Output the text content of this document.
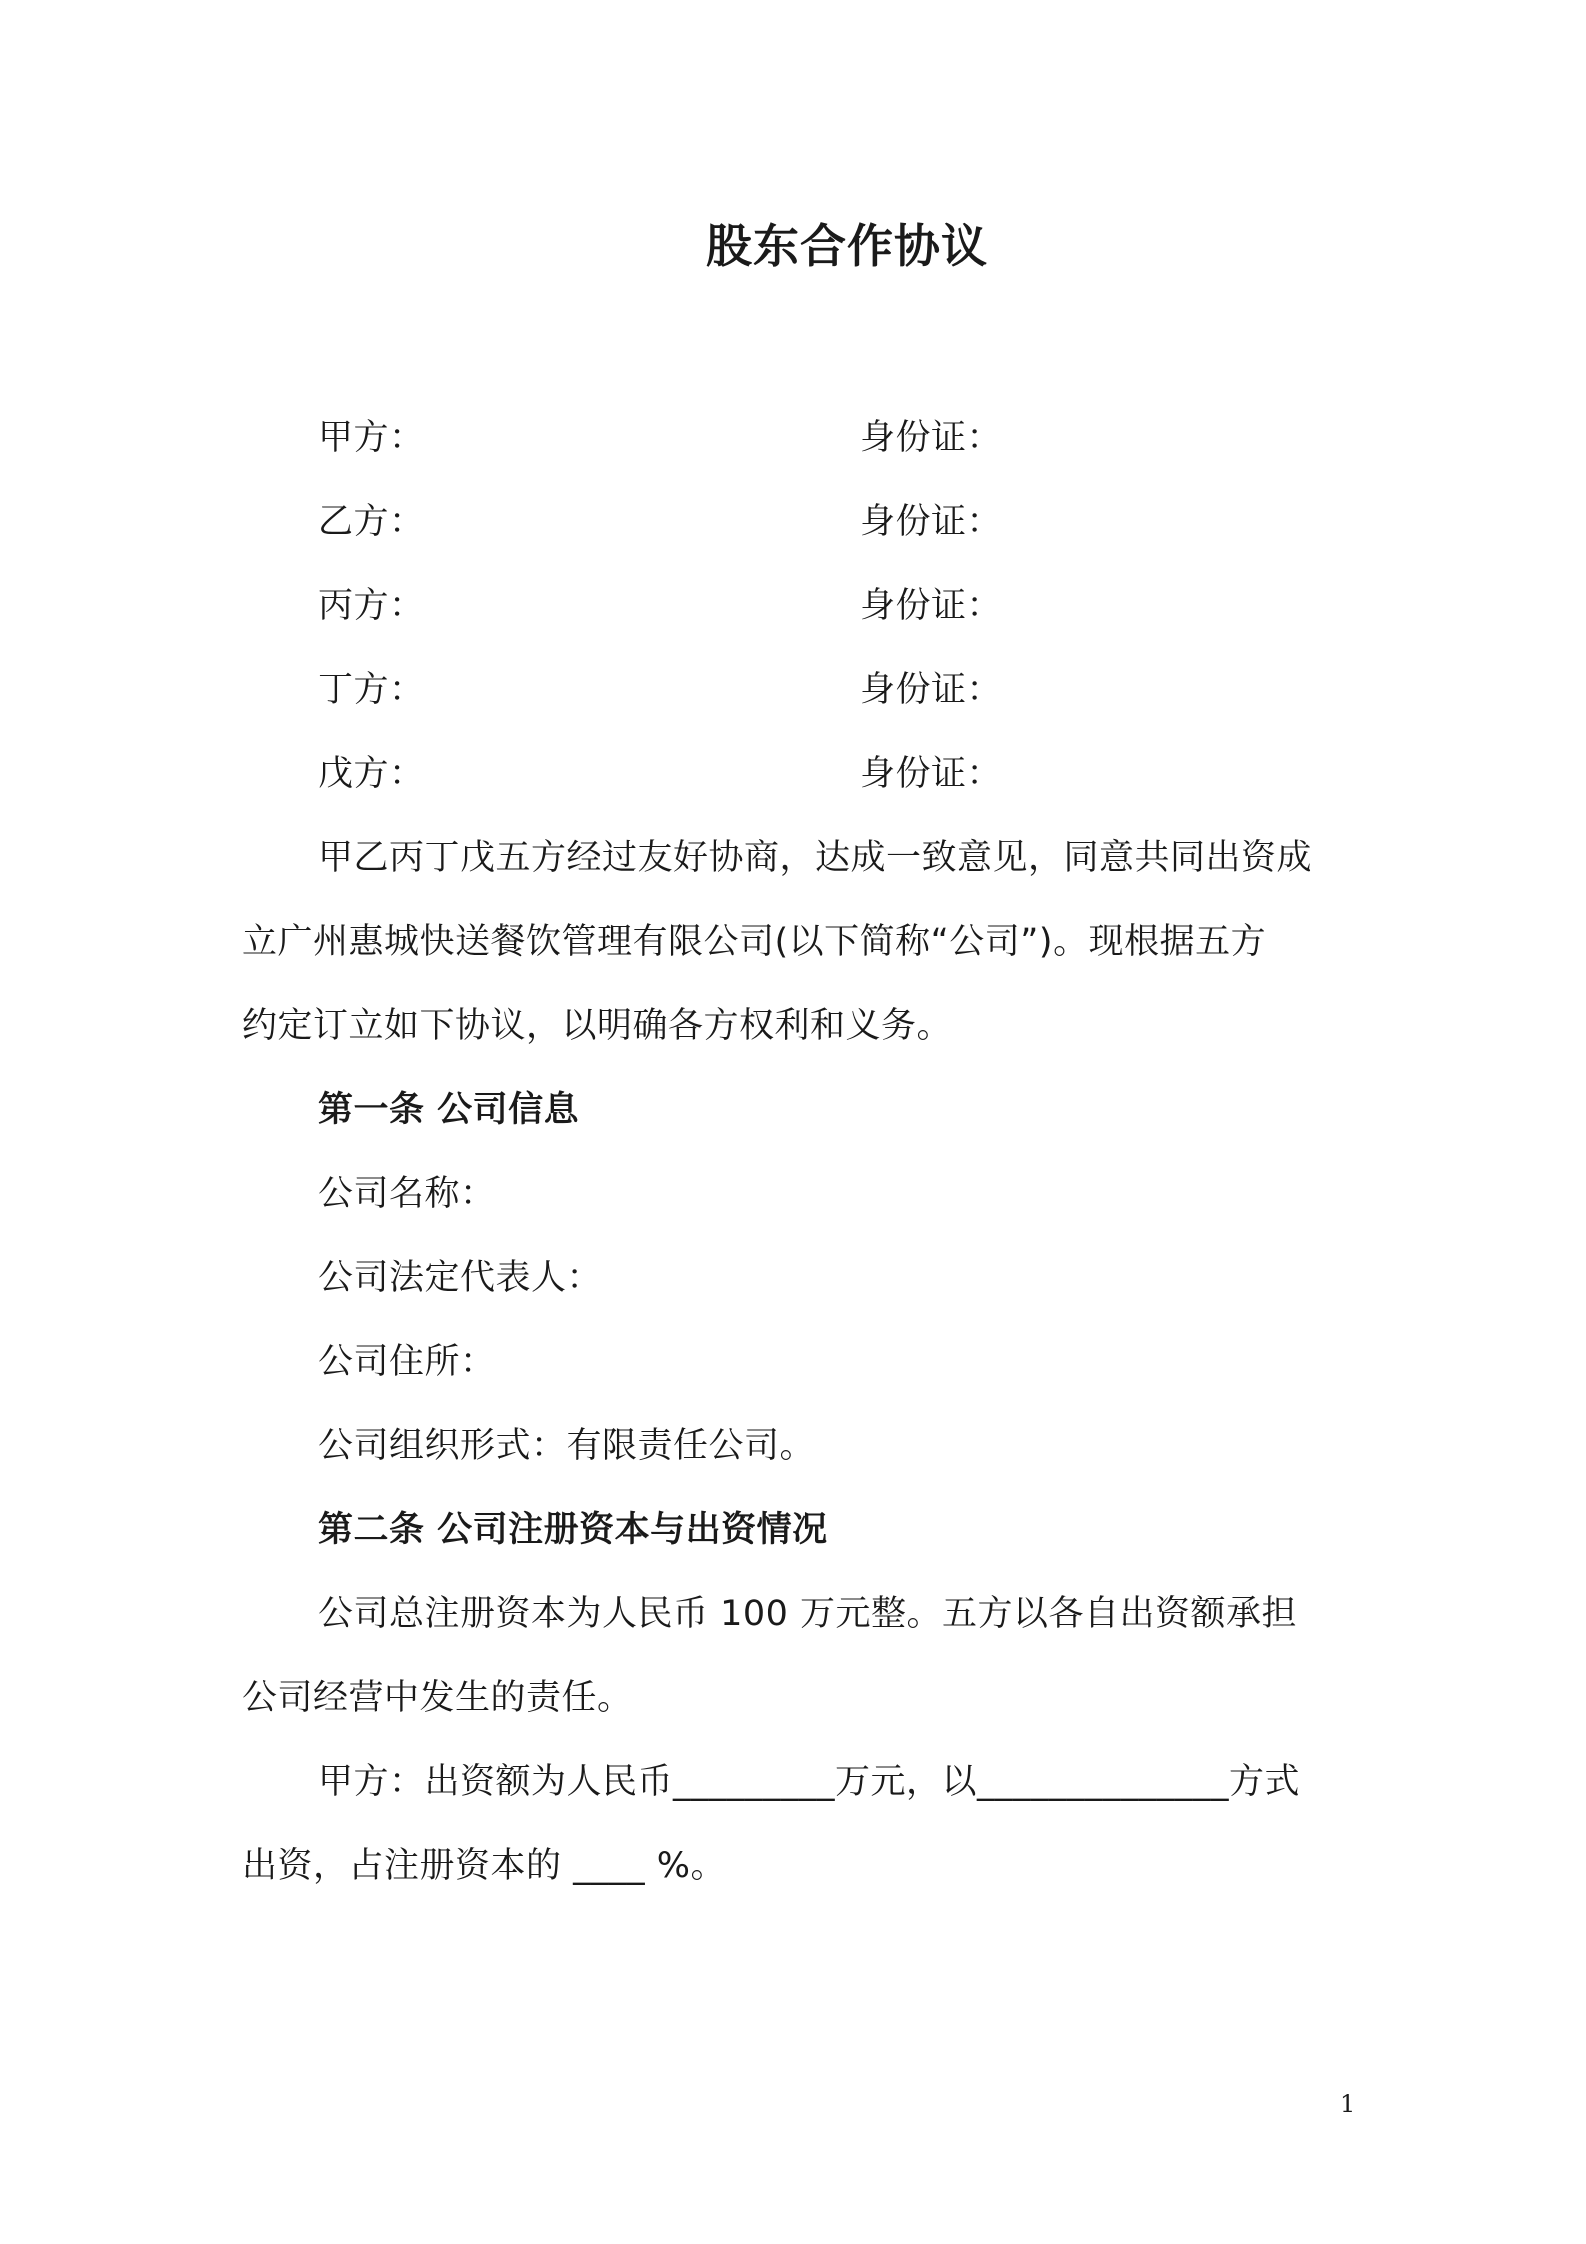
股东合作协议
甲方：	身份证：
乙方：	身份证：
丙方：	身份证：
丁方：	身份证：
戊方：	身份证：
甲乙丙丁戊五方经过友好协商，达成一致意见，同意共同出资成
立广州惠城快送餐饮管理有限公司(以下简称“公司”)。现根据五方
约定订立如下协议，以明确各方权利和义务。
第一条 公司信息
公司名称：
公司法定代表人：
公司住所：
公司组织形式：有限责任公司。
第二条 公司注册资本与出资情况
公司总注册资本为人民币 100 万元整。五方以各自出资额承担
公司经营中发生的责任。
甲方：出资额为人民币_________万元，以______________方式
出资，占注册资本的 ____ %。
1
